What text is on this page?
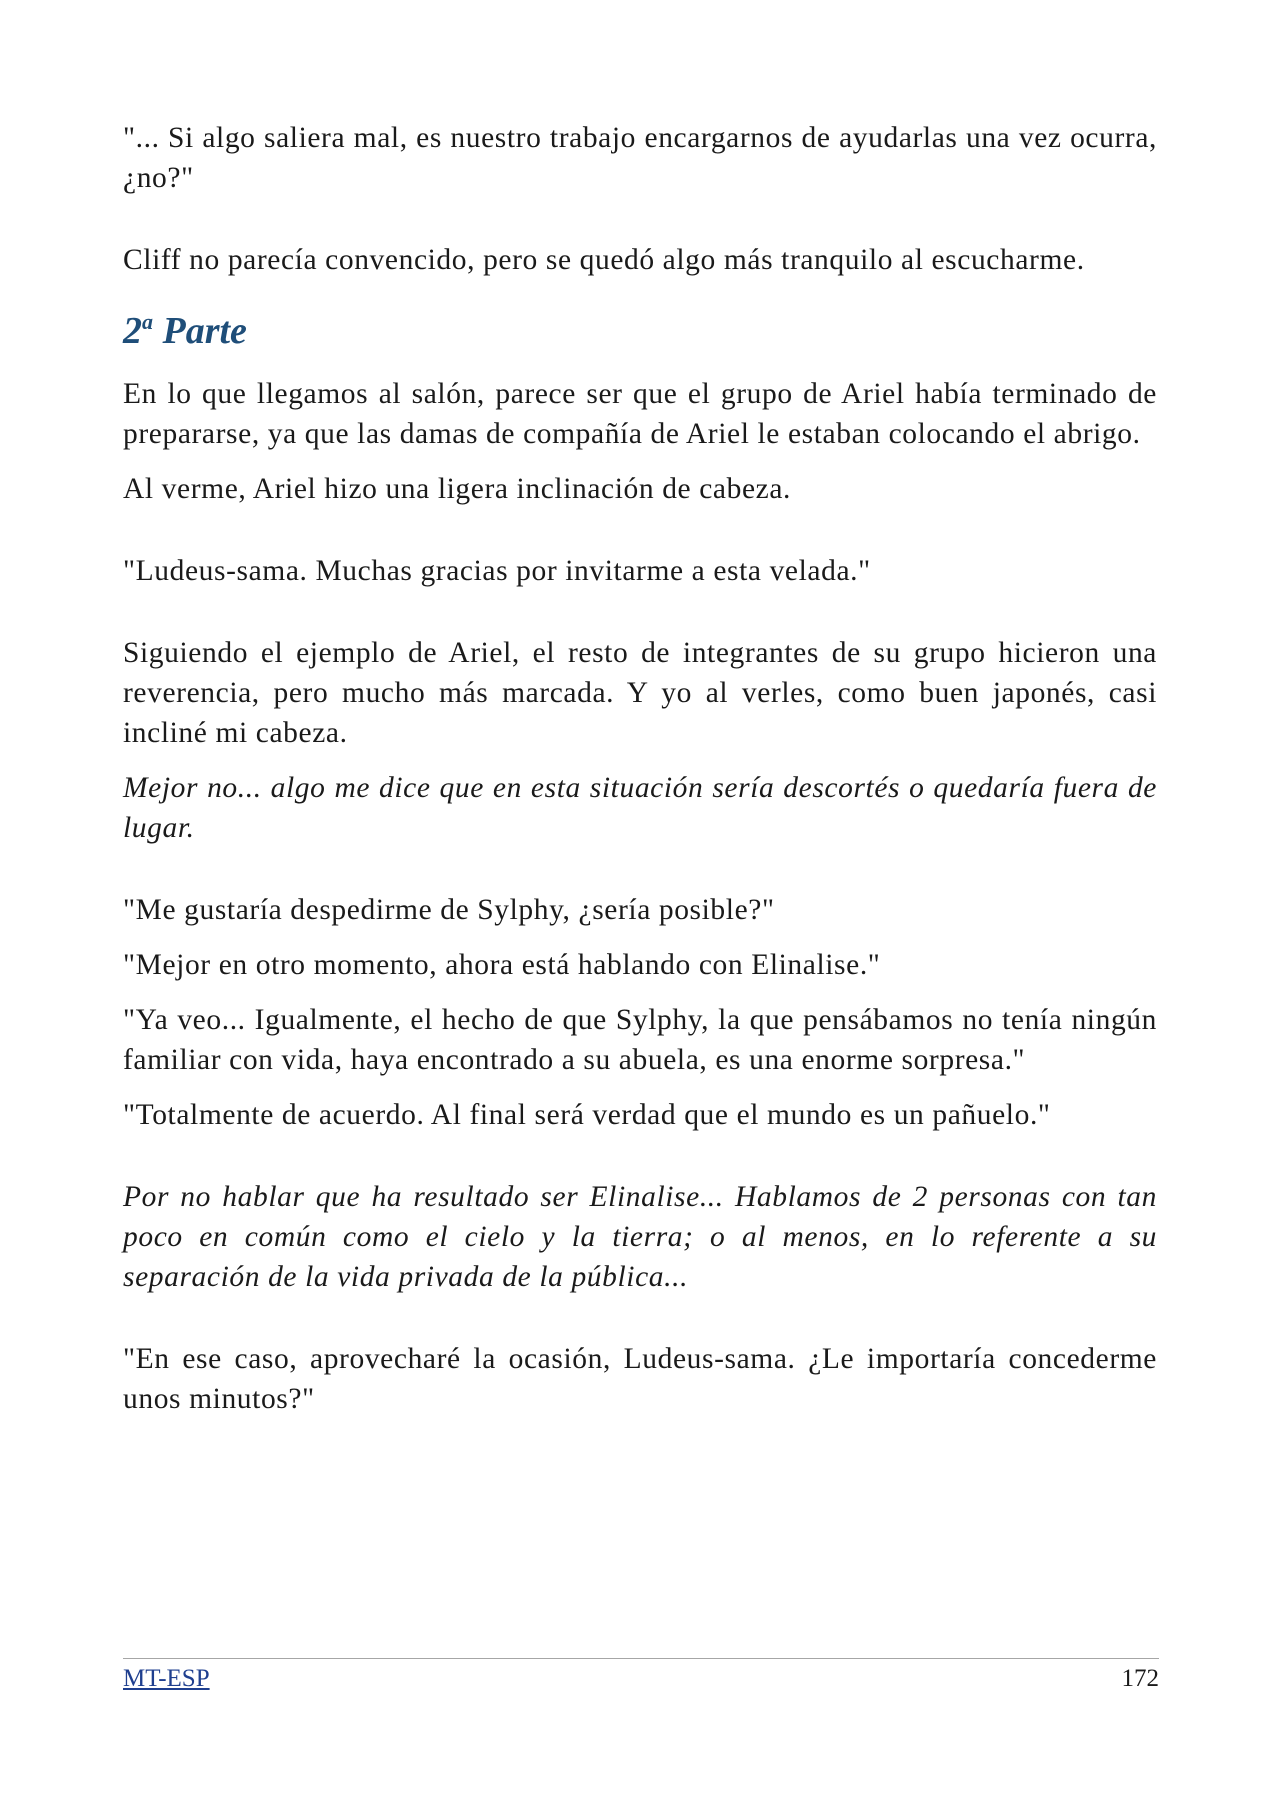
"... Si algo saliera mal, es nuestro trabajo encargarnos de ayudarlas una vez ocurra, ¿no?"

Cliff no parecía convencido, pero se quedó algo más tranquilo al escucharme.

2$^a$ Parte

En lo que llegamos al salón, parece ser que el grupo de Ariel había terminado de prepararse, ya que las damas de compañía de Ariel le estaban colocando el abrigo.

Al verme, Ariel hizo una ligera inclinación de cabeza.

"Ludeus-sama. Muchas gracias por invitarme a esta velada."

Siguiendo el ejemplo de Ariel, el resto de integrantes de su grupo hicieron una reverencia, pero mucho más marcada. Y yo al verles, como buen japonés, casi incliné mi cabeza.

Mejor no... algo me dice que en esta situación sería descortés o quedaría fuera de lugar.

"Me gustaría despedirme de Sylphy, ¿sería posible?"

"Mejor en otro momento, ahora está hablando con Elinalise."

"Ya veo... Igualmente, el hecho de que Sylphy, la que pensábamos no tenía ningún familiar con vida, haya encontrado a su abuela, es una enorme sorpresa."

"Totalmente de acuerdo. Al final será verdad que el mundo es un pañuelo."

Por no hablar que ha resultado ser Elinalise... Hablamos de 2 personas con tan poco en común como el cielo y la tierra; o al menos, en lo referente a su separación de la vida privada de la pública...

"En ese caso, aprovecharé la ocasión, Ludeus-sama. ¿Le importaría concederme unos minutos?"

MT-ESP	172
